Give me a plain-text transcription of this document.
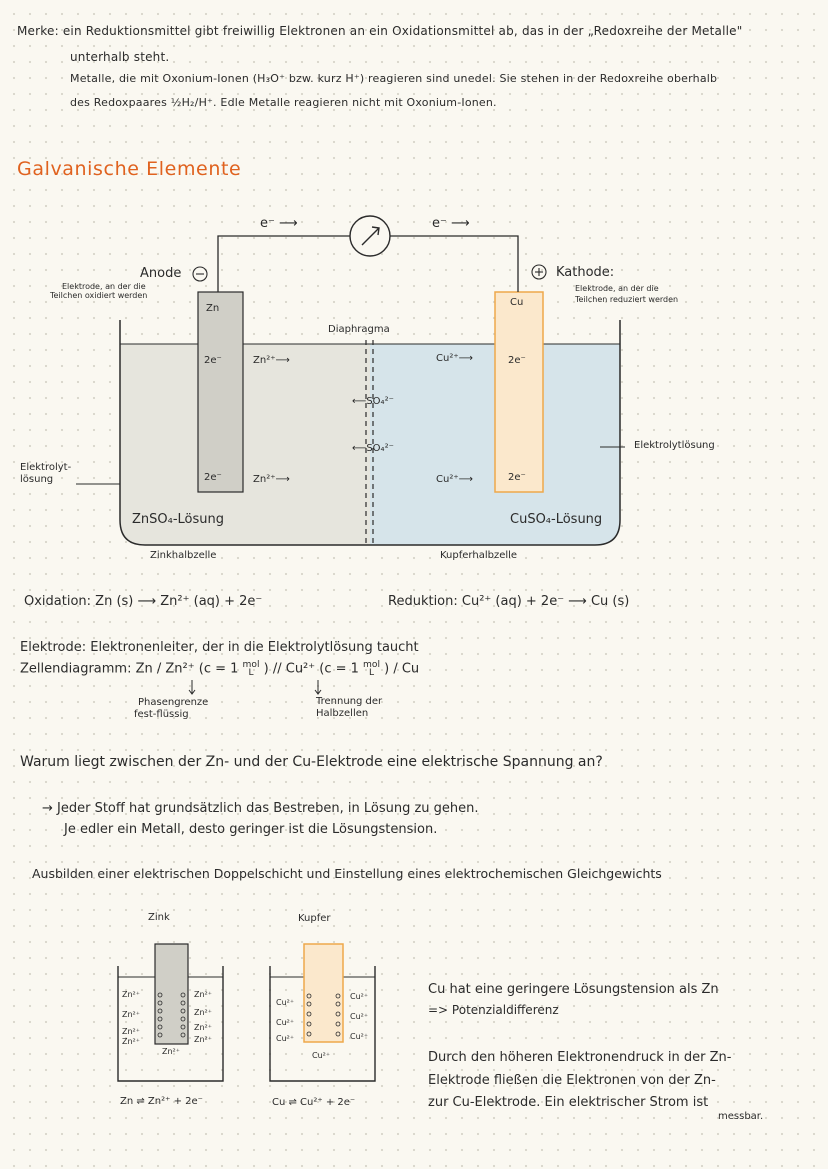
Merke: ein Reduktionsmittel gibt freiwillig Elektronen an ein Oxidationsmittel ab, das in der „Redoxreihe der Metalle"
unterhalb steht.
Metalle, die mit Oxonium-Ionen (H₃O⁺ bzw. kurz H⁺) reagieren sind unedel. Sie stehen in der Redoxreihe oberhalb
des Redoxpaares ½H₂/H⁺. Edle Metalle reagieren nicht mit Oxonium-Ionen.
Galvanische Elemente
e⁻ ⟶	e⁻ ⟶
Anode
Elektrode, an der die
Teilchen oxidiert werden
Kathode:
Elektrode, an der die
Teilchen reduziert werden
Zn
Cu
Diaphragma
2e⁻
2e⁻
Zn²⁺⟶
Zn²⁺⟶
Cu²⁺⟶
Cu²⁺⟶
2e⁻
2e⁻
⟵SO₄²⁻
⟵SO₄²⁻
Elektrolyt-
lösung
Elektrolytlösung
ZnSO₄-Lösung	CuSO₄-Lösung
Zinkhalbzelle	Kupferhalbzelle
Oxidation: Zn (s) ⟶ Zn²⁺ (aq) + 2e⁻	Reduktion: Cu²⁺ (aq) + 2e⁻ ⟶ Cu (s)
Elektrode: Elektronenleiter, der in die Elektrolytlösung taucht
Zellendiagramm: Zn / Zn²⁺ (c = 1 mol
L ) // Cu²⁺ (c = 1 mol
L ) / Cu
Phasengrenze
fest-flüssig
Trennung der
Halbzellen
Warum liegt zwischen der Zn- und der Cu-Elektrode eine elektrische Spannung an?
→ Jeder Stoff hat grundsätzlich das Bestreben, in Lösung zu gehen.
Je edler ein Metall, desto geringer ist die Lösungstension.
Ausbilden einer elektrischen Doppelschicht und Einstellung eines elektrochemischen Gleichgewichts
Zink	Kupfer
Zn²⁺
Zn²⁺
Zn²⁺
Zn²⁺
Zn²⁺
Zn²⁺
Zn²⁺
Zn²⁺
Zn²⁺
Cu²⁺
Cu²⁺
Cu²⁺
Cu²⁺
Cu²⁺
Cu²⁺
Cu²⁺
Zn ⇌ Zn²⁺ + 2e⁻	Cu ⇌ Cu²⁺ + 2e⁻
Cu hat eine geringere Lösungstension als Zn
=> Potenzialdifferenz
Durch den höheren Elektronendruck in der Zn-
Elektrode fließen die Elektronen von der Zn-
zur Cu-Elektrode. Ein elektrischer Strom ist
messbar.
